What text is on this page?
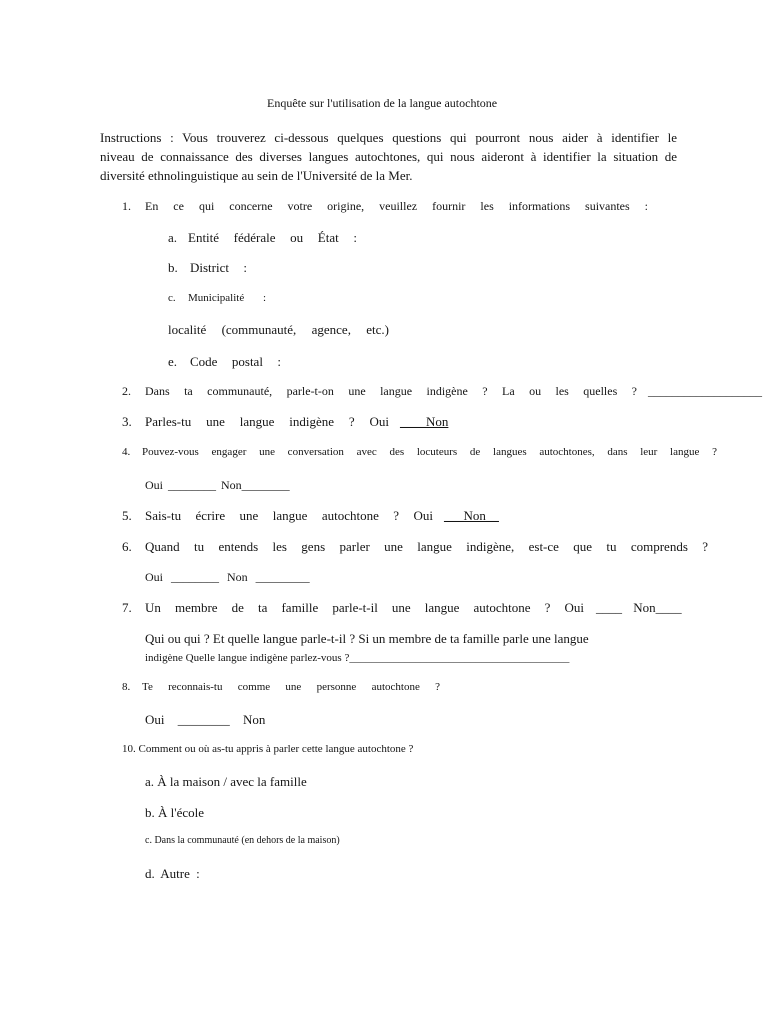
Enquête sur l'utilisation de la langue autochtone
Instructions : Vous trouverez ci-dessous quelques questions qui pourront nous aider à identifier le
niveau de connaissance des diverses langues autochtones, qui nous aideront à identifier la situation de
diversité ethnolinguistique au sein de l'Université de la Mer.
1. En ce qui concerne votre origine, veuillez fournir les informations suivantes :
a. Entité fédérale ou État :
b. District :
c. Municipalité :
localité (communauté, agence, etc.)
e. Code postal :
2. Dans ta communauté, parle-t-on une langue indigène ? La ou les quelles ? ___________________
3. Parles-tu une langue indigène ? Oui ____Non
4. Pouvez-vous engager une conversation avec des locuteurs de langues autochtones, dans leur langue ?
Oui ________ Non________
5. Sais-tu écrire une langue autochtone ? Oui ___Non__
6. Quand tu entends les gens parler une langue indigène, est-ce que tu comprends ?
Oui ________ Non _________
7. Un membre de ta famille parle-t-il une langue autochtone ? Oui ____ Non____
Qui ou qui ? Et quelle langue parle-t-il ? Si un membre de ta famille parle une langue
indigène Quelle langue indigène parlez-vous ?________________________________________
8. Te reconnais-tu comme une personne autochtone ?
Oui ________ Non
10. Comment ou où as-tu appris à parler cette langue autochtone ?
a. À la maison / avec la famille
b. À l'école
c. Dans la communauté (en dehors de la maison)
d. Autre :
